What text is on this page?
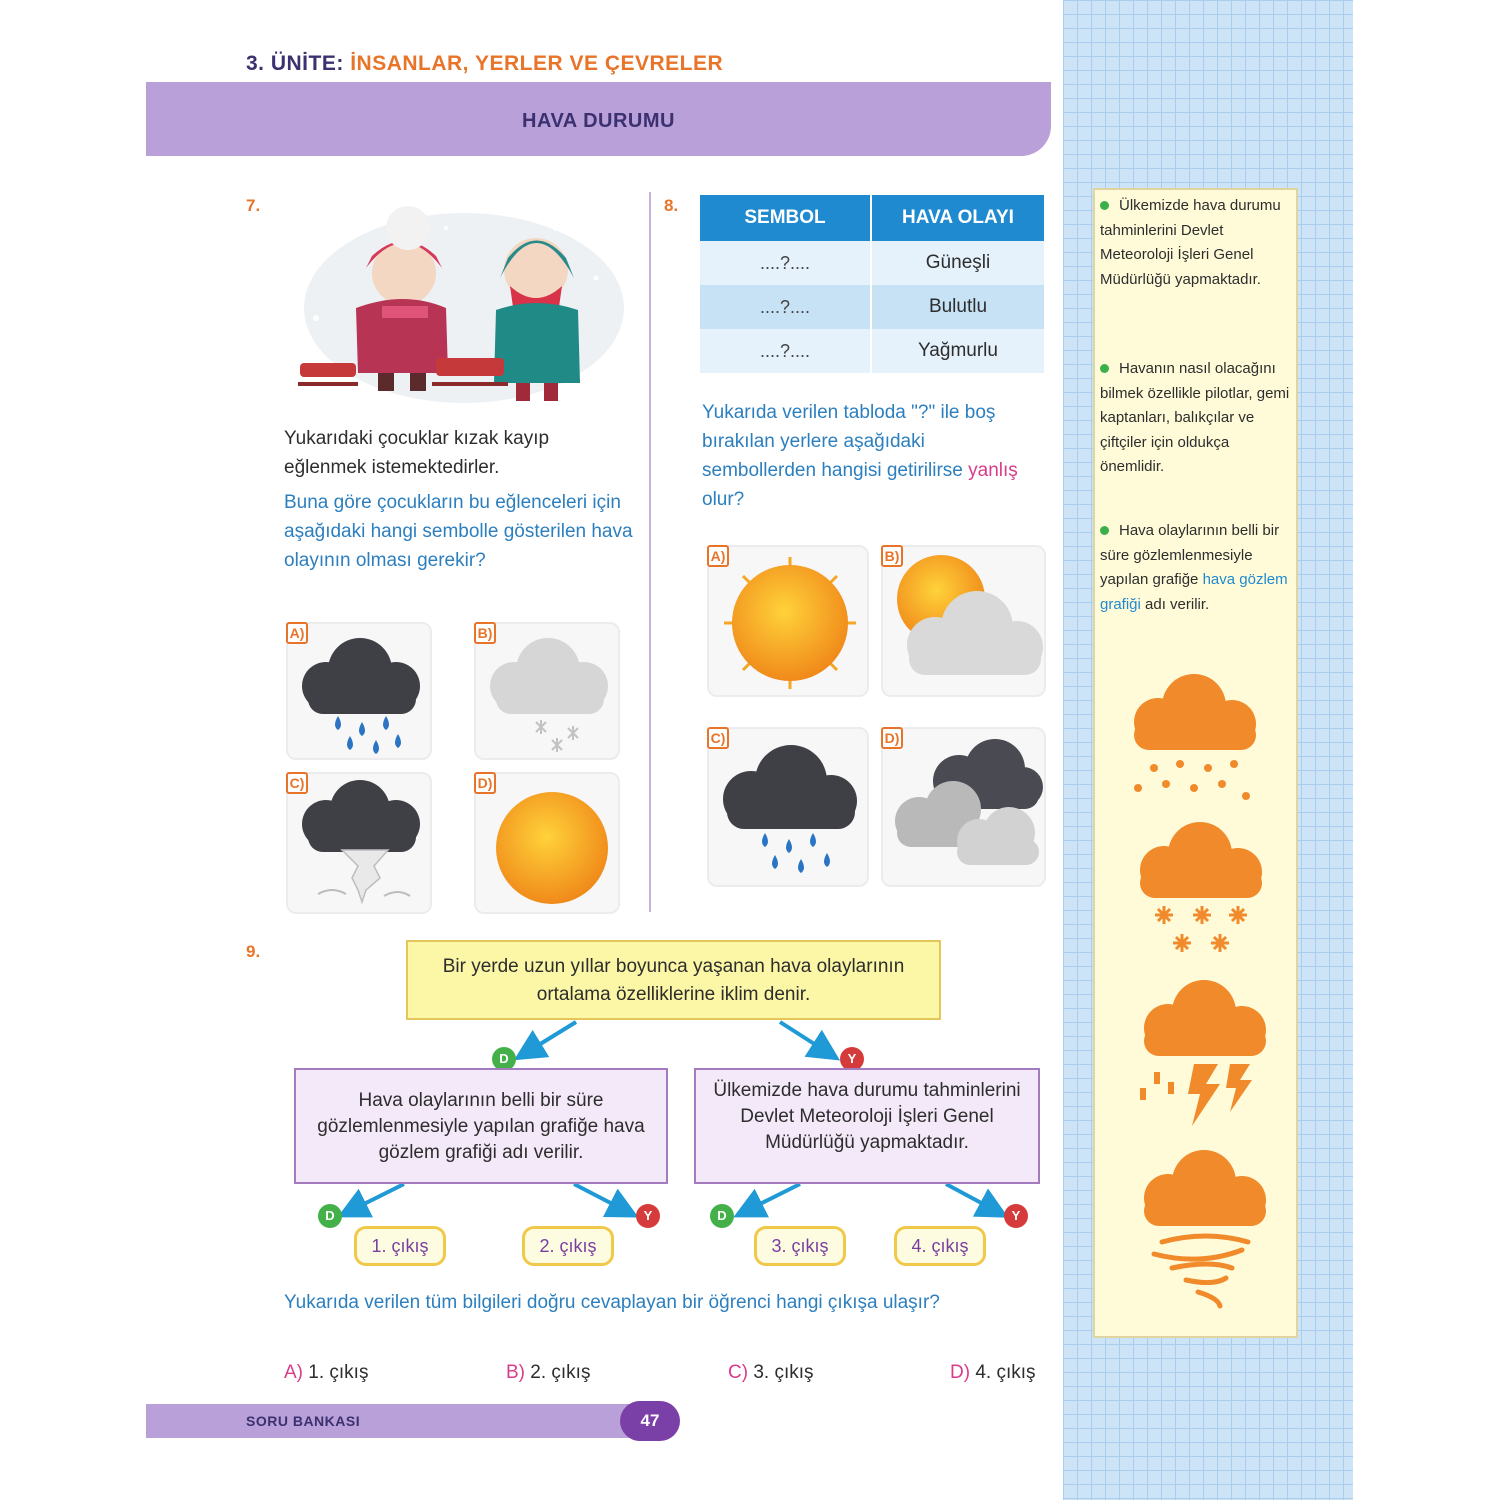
3. ÜNİTE: İNSANLAR, YERLER VE ÇEVRELER
HAVA DURUMU
7.
Yukarıdaki çocuklar kızak kayıp eğlenmek istemektedirler.
Buna göre çocukların bu eğlenceleri için aşağıdaki hangi sembolle gösterilen hava olayının olması gerekir?
A)	B)
C)	D)
8.
SEMBOL	HAVA OLAYI
....?....	Güneşli
....?....	Bulutlu
....?....	Yağmurlu
Yukarıda verilen tabloda "?" ile boş bırakılan yerlere aşağıdaki sembollerden hangisi getirilirse yanlış olur?
A)	B)
C)	D)
9.
Bir yerde uzun yıllar boyunca yaşanan hava olaylarının ortalama özelliklerine iklim denir.
D	Y
Hava olaylarının belli bir süre gözlemlenmesiyle yapılan grafiğe hava gözlem grafiği adı verilir.
Ülkemizde hava durumu tahminlerini Devlet Meteoroloji İşleri Genel Müdürlüğü yapmaktadır.
D	Y	D	Y
1. çıkış	2. çıkış	3. çıkış	4. çıkış
Yukarıda verilen tüm bilgileri doğru cevaplayan bir öğrenci hangi çıkışa ulaşır?
A) 1. çıkış	B) 2. çıkış	C) 3. çıkış	D) 4. çıkış
SORU BANKASI	47
Ülkemizde hava durumu tahminlerini Devlet Meteoroloji İşleri Genel Müdürlüğü yapmaktadır.
Havanın nasıl olacağını bilmek özellikle pilotlar, gemi kaptanları, balıkçılar ve çiftçiler için oldukça önemlidir.
Hava olaylarının belli bir süre gözlemlenmesiyle yapılan grafiğe hava gözlem grafiği adı verilir.
